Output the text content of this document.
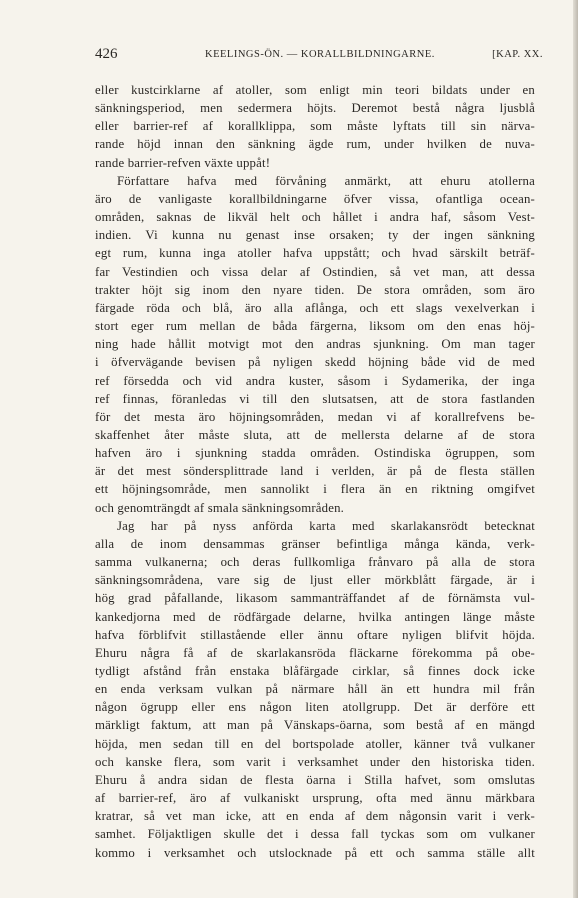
426	KEELINGS-ÖN. — KORALLBILDNINGARNE.	[KAP. XX.
eller kustcirklarne af atoller, som enligt min teori bildats under en
sänkningsperiod, men sedermera höjts. Deremot bestå några ljusblå
eller barrier-ref af korallklippa, som måste lyftats till sin närva-
rande höjd innan den sänkning ägde rum, under hvilken de nuva-
rande barrier-refven växte uppåt!
Författare hafva med förvåning anmärkt, att ehuru atollerna
äro de vanligaste korallbildningarne öfver vissa, ofantliga ocean-
områden, saknas de likväl helt och hållet i andra haf, såsom Vest-
indien. Vi kunna nu genast inse orsaken; ty der ingen sänkning
egt rum, kunna inga atoller hafva uppstått; och hvad särskilt beträf-
far Vestindien och vissa delar af Ostindien, så vet man, att dessa
trakter höjt sig inom den nyare tiden. De stora områden, som äro
färgade röda och blå, äro alla aflånga, och ett slags vexelverkan i
stort eger rum mellan de båda färgerna, liksom om den enas höj-
ning hade hållit motvigt mot den andras sjunkning. Om man tager
i öfvervägande bevisen på nyligen skedd höjning både vid de med
ref försedda och vid andra kuster, såsom i Sydamerika, der inga
ref finnas, föranledas vi till den slutsatsen, att de stora fastlanden
för det mesta äro höjningsområden, medan vi af korallrefvens be-
skaffenhet åter måste sluta, att de mellersta delarne af de stora
hafven äro i sjunkning stadda områden. Ostindiska ögruppen, som
är det mest söndersplittrade land i verlden, är på de flesta ställen
ett höjningsområde, men sannolikt i flera än en riktning omgifvet
och genomträngdt af smala sänkningsområden.
Jag har på nyss anförda karta med skarlakansrödt betecknat
alla de inom densammas gränser befintliga många kända, verk-
samma vulkanerna; och deras fullkomliga frånvaro på alla de stora
sänkningsområdena, vare sig de ljust eller mörkblått färgade, är i
hög grad påfallande, likasom sammanträffandet af de förnämsta vul-
kankedjorna med de rödfärgade delarne, hvilka antingen länge måste
hafva förblifvit stillastående eller ännu oftare nyligen blifvit höjda.
Ehuru några få af de skarlakansröda fläckarne förekomma på obe-
tydligt afstånd från enstaka blåfärgade cirklar, så finnes dock icke
en enda verksam vulkan på närmare håll än ett hundra mil från
någon ögrupp eller ens någon liten atollgrupp. Det är derföre ett
märkligt faktum, att man på Vänskaps-öarna, som bestå af en mängd
höjda, men sedan till en del bortspolade atoller, känner två vulkaner
och kanske flera, som varit i verksamhet under den historiska tiden.
Ehuru å andra sidan de flesta öarna i Stilla hafvet, som omslutas
af barrier-ref, äro af vulkaniskt ursprung, ofta med ännu märkbara
kratrar, så vet man icke, att en enda af dem någonsin varit i verk-
samhet. Följaktligen skulle det i dessa fall tyckas som om vulkaner
kommo i verksamhet och utslocknade på ett och samma ställe allt
